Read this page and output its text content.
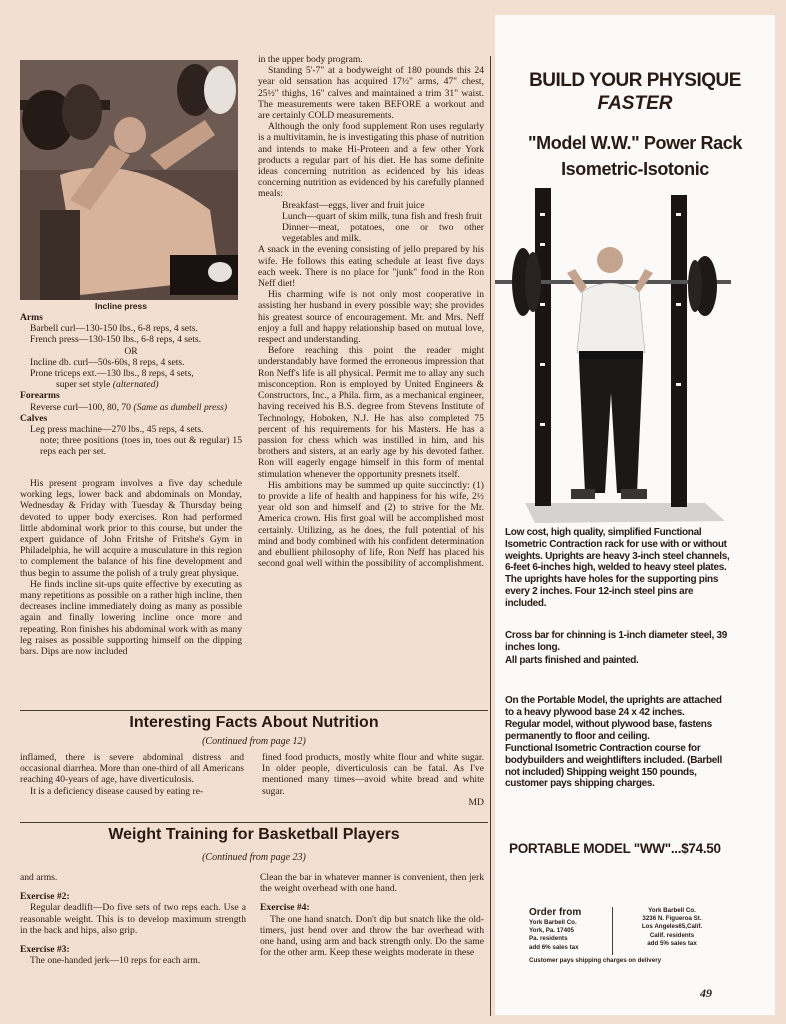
Incline press
Arms
Barbell curl—130-150 lbs., 6-8 reps, 4 sets.
French press—130-150 lbs., 6-8 reps, 4 sets.
OR
Incline db. curl—50s-60s, 8 reps, 4 sets.
Prone triceps ext.—130 lbs., 8 reps, 4 sets,
super set style (alternated)
Forearms
Reverse curl—100, 80, 70 (Same as dumbell press)
Calves
Leg press machine—270 lbs., 45 reps, 4 sets.
note; three positions (toes in, toes out & regular) 15 reps each per set.

His present program involves a five day schedule working legs, lower back and abdominals on Monday, Wednesday & Friday with Tuesday & Thursday being devoted to upper body exercises. Ron had performed little abdominal work prior to this course, but under the expert guidance of John Fritshe of Fritshe's Gym in Philadelphia, he will acquire a musculature in this region to complement the balance of his fine development and thus begin to assume the polish of a truly great physique.

He finds incline sit-ups quite effective by executing as many repetitions as possible on a rather high incline, then decreases incline immediately doing as many as possible again and finally lowering incline once more and repeating. Ron finishes his abdominal work with as many leg raises as possible supporting himself on the dipping bars. Dips are now included

in the upper body program.

Standing 5'-7" at a bodyweight of 180 pounds this 24 year old sensation has acquired 17½" arms, 47" chest, 25½" thighs, 16" calves and maintained a trim 31" waist. The measurements were taken BEFORE a workout and are certainly COLD measurements.

Although the only food supplement Ron uses regularly is a multivitamin, he is investigating this phase of nutrition and intends to make Hi-Proteen and a few other York products a regular part of his diet. He has some definite ideas concerning nutrition as ecidenced by his ideas concerning nutrition as evidenced by his carefully planned meals:

Breakfast—eggs, liver and fruit juice

Lunch—quart of skim milk, tuna fish and fresh fruit

Dinner—meat, potatoes, one or two other vegetables and milk.

A snack in the evening consisting of jello prepared by his wife. He follows this eating schedule at least five days each week. There is no place for "junk" food in the Ron Neff diet!

His charming wife is not only most cooperative in assisting her husband in every possible way; she provides his greatest source of encouragement. Mr. and Mrs. Neff enjoy a full and happy relationship based on mutual love, respect and understanding.

Before reaching this point the reader might understandably have formed the erroneous impression that Ron Neff's life is all physical. Permit me to allay any such misconception. Ron is employed by United Engineers & Constructors, Inc., a Phila. firm, as a mechanical engineer, having received his B.S. degree from Stevens Institute of Technology, Hoboken, N.J. He has also completed 75 percent of his requirements for his Masters. He has a passion for chess which was instilled in him, and his brothers and sisters, at an early age by his devoted father. Ron will eagerly engage himself in this form of mental stimulation whenever the opportunity presnets itself.

His ambitions may be summed up quite succinctly: (1) to provide a life of health and happiness for his wife, 2½ year old son and himself and (2) to strive for the Mr. America crown. His first goal will be accomplished most certainly. Utilizing, as he does, the full potential of his mind and body combined with his confident determination and ebullient philosophy of life, Ron Neff has placed his second goal well within the possibility of accomplishment.

Interesting Facts About Nutrition
(Continued from page 12)

inflamed, there is severe abdominal distress and occasional diarrhea. More than one-third of all Americans reaching 40-years of age, have diverticulosis.

It is a deficiency disease caused by eating re-

fined food products, mostly white flour and white sugar. In older people, diverticulosis can be fatal. As I've mentioned many times—avoid white bread and white sugar.

MD
Weight Training for Basketball Players
(Continued from page 23)

and arms.

Exercise #2:

Regular deadlift—Do five sets of two reps each. Use a reasonable weight. This is to develop maximum strength in the back and hips, also grip.

Exercise #3:

The one-handed jerk—10 reps for each arm.

Clean the bar in whatever manner is convenient, then jerk the weight overhead with one hand.

Exercise #4:

The one hand snatch. Don't dip but snatch like the old-timers, just bend over and throw the bar overhead with one hand, using arm and back strength only. Do the same for the other arm. Keep these weights moderate in these

BUILD YOUR PHYSIQUE
FASTER
"Model W.W." Power Rack
Isometric-Isotonic
Low cost, high quality, simplified Functional Isometric Contraction rack for use with or without weights. Uprights are heavy 3-inch steel channels, 6-feet 6-inches high, welded to heavy steel plates. The uprights have holes for the supporting pins every 2 inches. Four 12-inch steel pins are included.
Cross bar for chinning is 1-inch diameter steel, 39 inches long.
All parts finished and painted.
On the Portable Model, the uprights are attached to a heavy plywood base 24 x 42 inches.
Regular model, without plywood base, fastens permanently to floor and ceiling.
Functional Isometric Contraction course for bodybuilders and weightlifters included. (Barbell not included) Shipping weight 150 pounds, customer pays shipping charges.
PORTABLE MODEL "WW"...$74.50
Order from
York Barbell Co.
York, Pa. 17405
Pa. residents
add 6% sales tax
York Barbell Co.
3236 N. Figueroa St.
Los Angeles65,Calif.
Calif. residents
add 5% sales tax
Customer pays shipping charges on delivery
49
